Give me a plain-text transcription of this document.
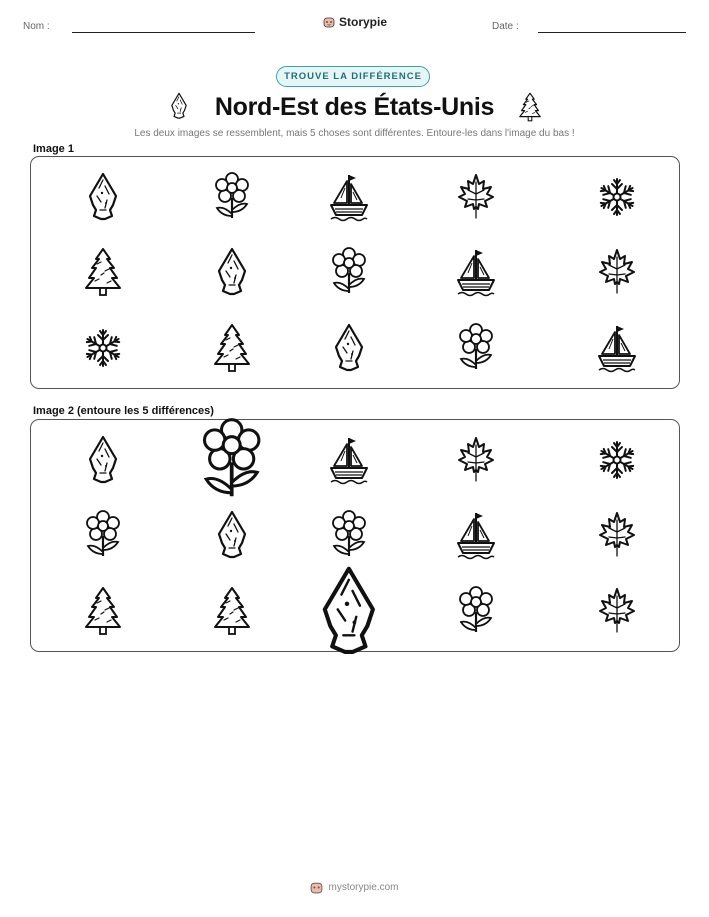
Nom :	Storypie	Date :
TROUVE LA DIFFÉRENCE
Nord-Est des États-Unis
Les deux images se ressemblent, mais 5 choses sont différentes. Entoure-les dans l'image du bas !
Image 1
Image 2 (entoure les 5 différences)
mystorypie.com
